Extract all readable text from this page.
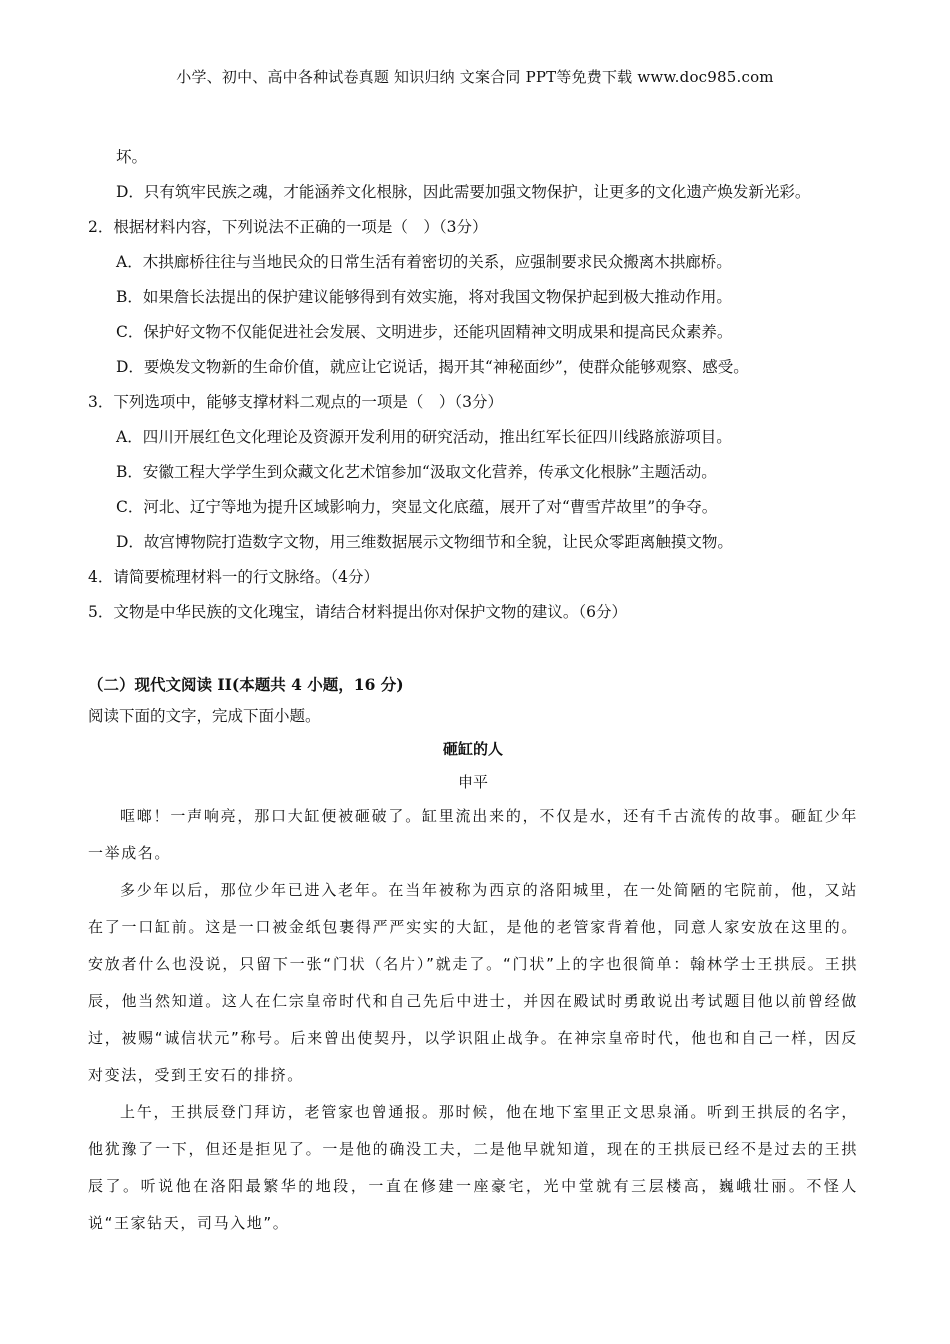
小学、初中、高中各种试卷真题 知识归纳 文案合同 PPT等免费下载 www.doc985.com
坏。
D．只有筑牢民族之魂，才能涵养文化根脉，因此需要加强文物保护，让更多的文化遗产焕发新光彩。
2．根据材料内容，下列说法不正确的一项是（　）（3分）
A．木拱廊桥往往与当地民众的日常生活有着密切的关系，应强制要求民众搬离木拱廊桥。
B．如果詹长法提出的保护建议能够得到有效实施，将对我国文物保护起到极大推动作用。
C．保护好文物不仅能促进社会发展、文明进步，还能巩固精神文明成果和提高民众素养。
D．要焕发文物新的生命价值，就应让它说话，揭开其“神秘面纱”，使群众能够观察、感受。
3．下列选项中，能够支撑材料二观点的一项是（　）（3分）
A．四川开展红色文化理论及资源开发利用的研究活动，推出红军长征四川线路旅游项目。
B．安徽工程大学学生到众藏文化艺术馆参加“汲取文化营养，传承文化根脉”主题活动。
C．河北、辽宁等地为提升区域影响力，突显文化底蕴，展开了对“曹雪芹故里”的争夺。
D．故宫博物院打造数字文物，用三维数据展示文物细节和全貌，让民众零距离触摸文物。
4．请简要梳理材料一的行文脉络。（4分）
5．文物是中华民族的文化瑰宝，请结合材料提出你对保护文物的建议。（6分）
（二）现代文阅读 II(本题共 4 小题，16 分)
阅读下面的文字，完成下面小题。
砸缸的人
申平

哐啷！一声响亮，那口大缸便被砸破了。缸里流出来的，不仅是水，还有千古流传的故事。砸缸少年一举成名。

多少年以后，那位少年已进入老年。在当年被称为西京的洛阳城里，在一处简陋的宅院前，他，又站在了一口缸前。这是一口被金纸包裹得严严实实的大缸，是他的老管家背着他，同意人家安放在这里的。安放者什么也没说，只留下一张“门状（名片）”就走了。“门状”上的字也很简单：翰林学士王拱辰。王拱辰，他当然知道。这人在仁宗皇帝时代和自己先后中进士，并因在殿试时勇敢说出考试题目他以前曾经做过，被赐“诚信状元”称号。后来曾出使契丹，以学识阻止战争。在神宗皇帝时代，他也和自己一样，因反对变法，受到王安石的排挤。

上午，王拱辰登门拜访，老管家也曾通报。那时候，他在地下室里正文思泉涌。听到王拱辰的名字，他犹豫了一下，但还是拒见了。一是他的确没工夫，二是他早就知道，现在的王拱辰已经不是过去的王拱辰了。听说他在洛阳最繁华的地段，一直在修建一座豪宅，光中堂就有三层楼高，巍峨壮丽。不怪人说“王家钻天，司马入地”。
